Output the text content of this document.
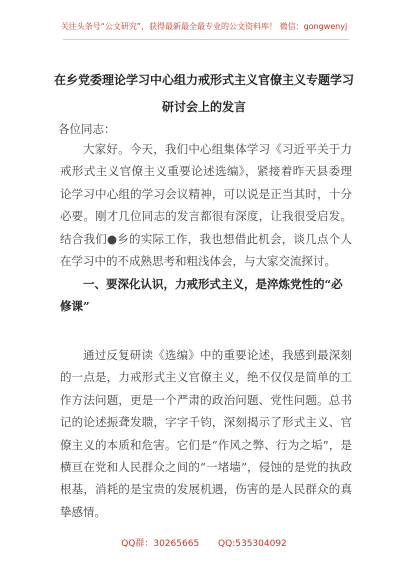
关注头条号“公文研究”，获得最新最全最专业的公文资料库！ 微信：gongwenyj
在乡党委理论学习中心组力戒形式主义官僚主义专题学习
研讨会上的发言
各位同志：

大家好。今天，我们中心组集体学习《习近平关于力戒形式主义官僚主义重要论述选编》，紧接着昨天县委理论学习中心组的学习会议精神，可以说是正当其时，十分必要。刚才几位同志的发言都很有深度，让我很受启发。结合我们●乡的实际工作，我也想借此机会，谈几点个人在学习中的不成熟思考和粗浅体会，与大家交流探讨。

一、要深化认识，力戒形式主义，是淬炼党性的“必修课”

通过反复研读《选编》中的重要论述，我感到最深刻的一点是，力戒形式主义官僚主义，绝不仅仅是简单的工作方法问题，更是一个严肃的政治问题、党性问题。总书记的论述振聋发聩，字字千钧，深刻揭示了形式主义、官僚主义的本质和危害。它们是“作风之弊、行为之垢”，是横亘在党和人民群众之间的“一堵墙”，侵蚀的是党的执政根基，消耗的是宝贵的发展机遇，伤害的是人民群众的真挚感情。

QQ群：30265665 QQ:535304092
